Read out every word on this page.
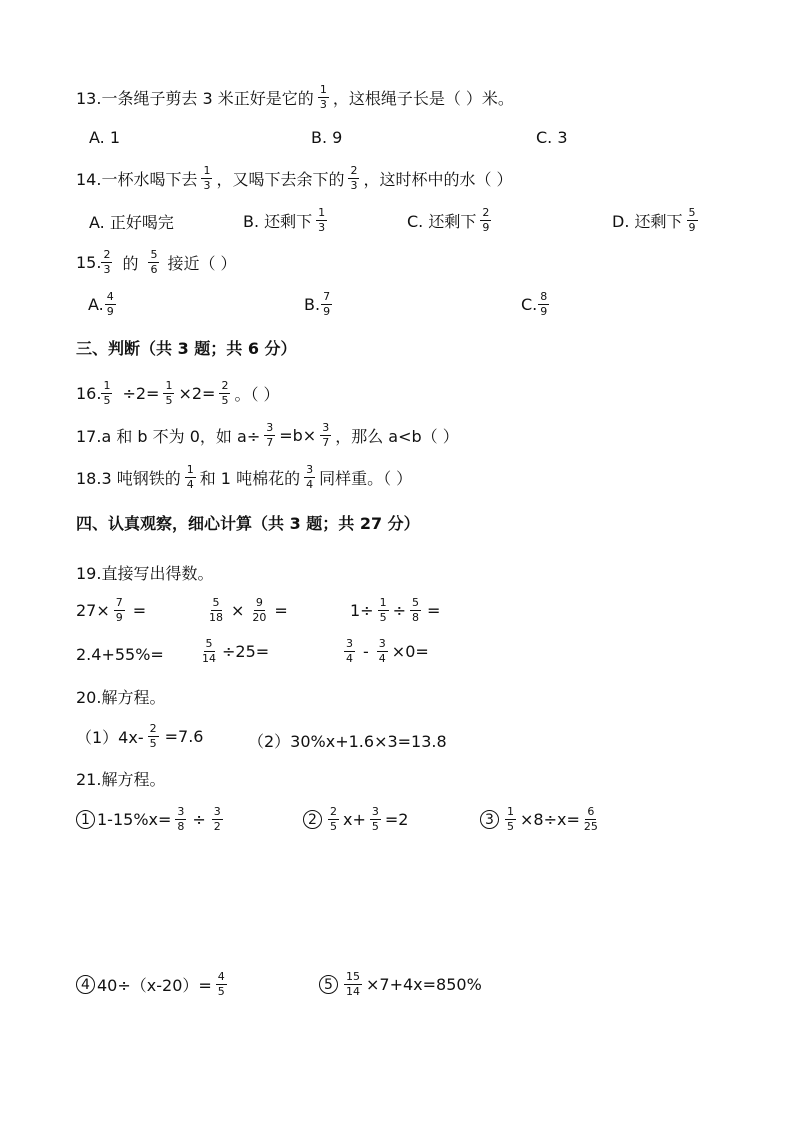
13.一条绳子剪去 3 米正好是它的 $\frac{1}{3}$ ，这根绳子长是（ ）米。
A. 1	B. 9	C. 3
14.一杯水喝下去 $\frac{1}{3}$ ，又喝下去余下的 $\frac{2}{3}$ ，这时杯中的水（ ）
A. 正好喝完	B. 还剩下 $\frac{1}{3}$	C. 还剩下 $\frac{2}{9}$	D. 还剩下 $\frac{5}{9}$
15. $\frac{2}{3}$ 的 $\frac{5}{6}$ 接近（ ）
A. $\frac{4}{9}$	B. $\frac{7}{9}$	C. $\frac{8}{9}$
三、判断（共 3 题；共 6 分）
16. $\frac{1}{5} \div 2= \frac{1}{5} \times 2= \frac{2}{5}$ 。（ ）
17.a 和 b 不为 0，如 $a\div \frac{3}{7} =b\times \frac{3}{7}$ ，那么 a<b（ ）
18.3 吨钢铁的 $\frac{1}{4}$ 和 1 吨棉花的 $\frac{3}{4}$ 同样重。（ ）
四、认真观察，细心计算（共 3 题；共 27 分）
19.直接写出得数。
$27\times \frac{7}{9}$ =	$\frac{5}{18} \times \frac{9}{20}$ =	$1\div \frac{1}{5} \div \frac{5}{8}$ =
2.4+55%=	$\frac{5}{14} \div 25=$	$\frac{3}{4} - \frac{3}{4} \times 0=$
20.解方程。
$(1)4x- \frac{2}{5} =7.6$	（2）30%x+1.6×3=13.8
21.解方程。
1 $1-15\%x= \frac{3}{8} \div \frac{3}{2}$	2	$\frac{2}{5} x+ \frac{3}{5} =2$	3	$\frac{1}{5} \times 8\div x= \frac{6}{25}$
4 $40\div(x-20)= \frac{4}{5}$	5	$\frac{15}{14} \times 7+4x=850\%$
